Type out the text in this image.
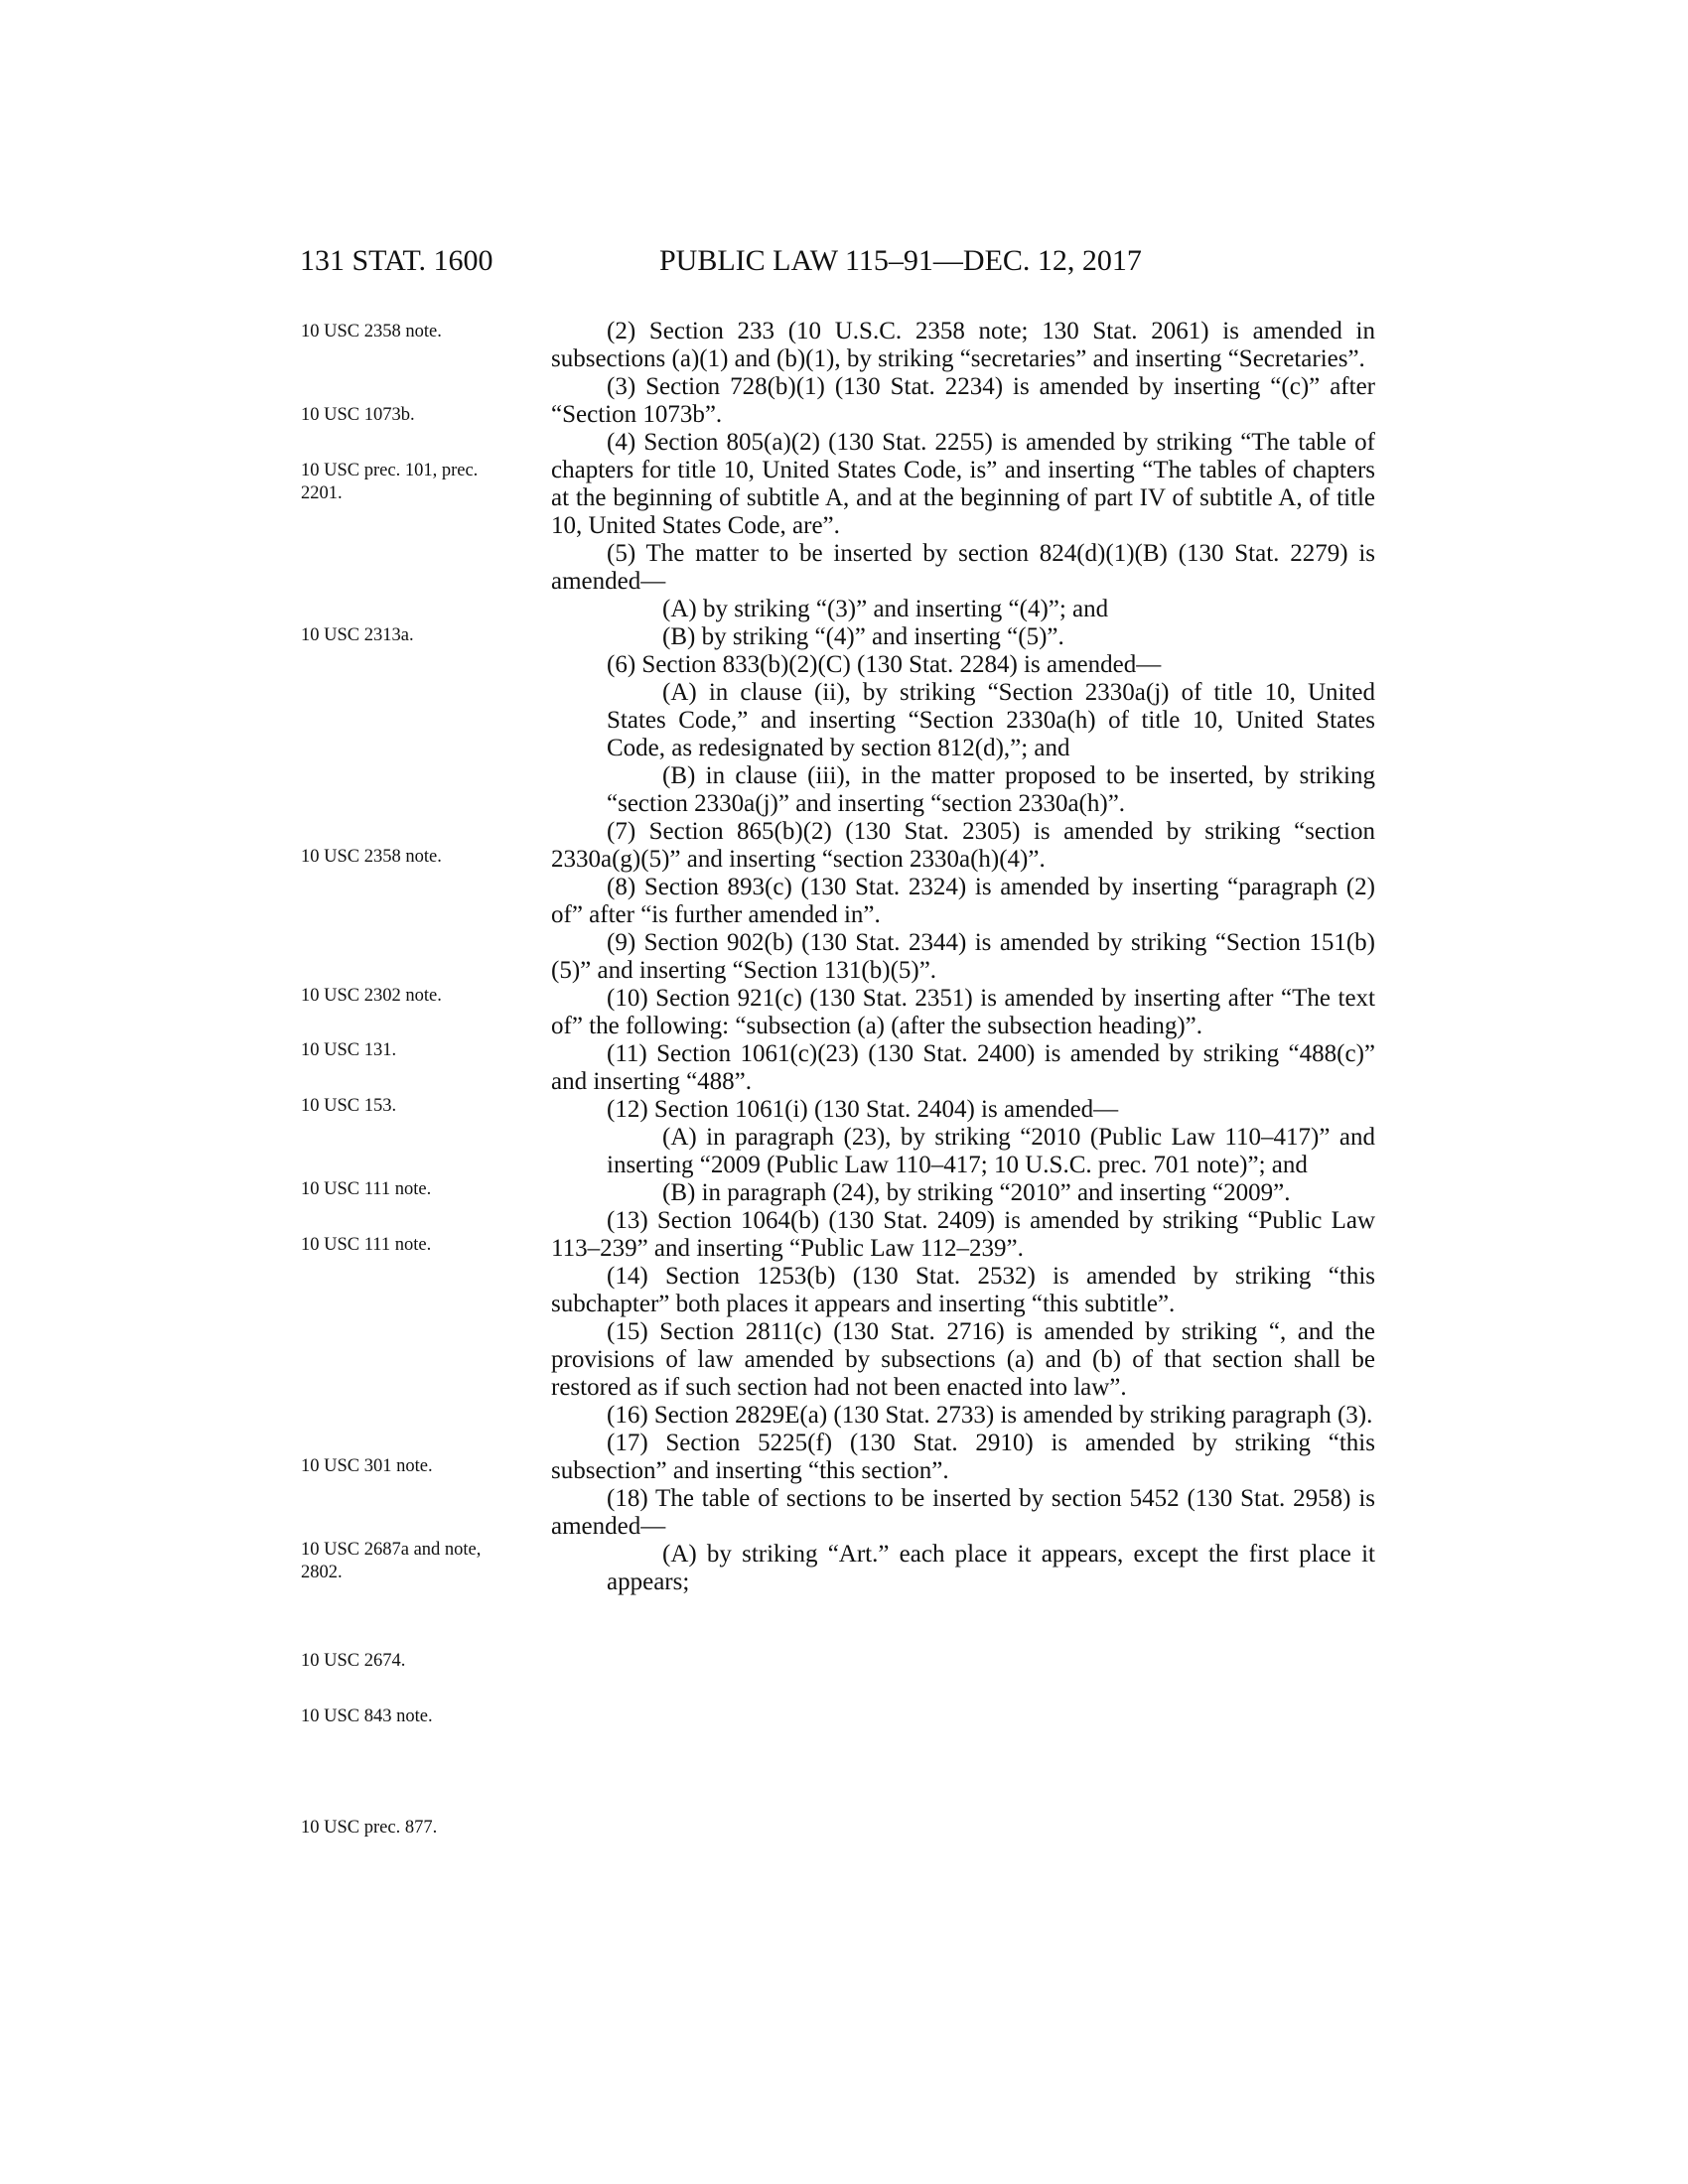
131 STAT. 1600	PUBLIC LAW 115–91—DEC. 12, 2017
10 USC 2358 note.
10 USC 1073b.
10 USC prec. 101, prec. 2201.
10 USC 2313a.
10 USC 2358 note.
10 USC 2302 note.
10 USC 131.
10 USC 153.
10 USC 111 note.
10 USC 111 note.
10 USC 301 note.
10 USC 2687a and note, 2802.
10 USC 2674.
10 USC 843 note.
10 USC prec. 877.

(2) Section 233 (10 U.S.C. 2358 note; 130 Stat. 2061) is amended in subsections (a)(1) and (b)(1), by striking “secretaries” and inserting “Secretaries”.

(3) Section 728(b)(1) (130 Stat. 2234) is amended by inserting “(c)” after “Section 1073b”.

(4) Section 805(a)(2) (130 Stat. 2255) is amended by striking “The table of chapters for title 10, United States Code, is” and inserting “The tables of chapters at the beginning of subtitle A, and at the beginning of part IV of subtitle A, of title 10, United States Code, are”.

(5) The matter to be inserted by section 824(d)(1)(B) (130 Stat. 2279) is amended—

(A) by striking “(3)” and inserting “(4)”; and

(B) by striking “(4)” and inserting “(5)”.

(6) Section 833(b)(2)(C) (130 Stat. 2284) is amended—

(A) in clause (ii), by striking “Section 2330a(j) of title 10, United States Code,” and inserting “Section 2330a(h) of title 10, United States Code, as redesignated by section 812(d),”; and

(B) in clause (iii), in the matter proposed to be inserted, by striking “section 2330a(j)” and inserting “section 2330a(h)”.

(7) Section 865(b)(2) (130 Stat. 2305) is amended by striking “section 2330a(g)(5)” and inserting “section 2330a(h)(4)”.

(8) Section 893(c) (130 Stat. 2324) is amended by inserting “paragraph (2) of” after “is further amended in”.

(9) Section 902(b) (130 Stat. 2344) is amended by striking “Section 151(b)(5)” and inserting “Section 131(b)(5)”.

(10) Section 921(c) (130 Stat. 2351) is amended by inserting after “The text of” the following: “subsection (a) (after the subsection heading)”.

(11) Section 1061(c)(23) (130 Stat. 2400) is amended by striking “488(c)” and inserting “488”.

(12) Section 1061(i) (130 Stat. 2404) is amended—

(A) in paragraph (23), by striking “2010 (Public Law 110–417)” and inserting “2009 (Public Law 110–417; 10 U.S.C. prec. 701 note)”; and

(B) in paragraph (24), by striking “2010” and inserting “2009”.

(13) Section 1064(b) (130 Stat. 2409) is amended by striking “Public Law 113–239” and inserting “Public Law 112–239”.

(14) Section 1253(b) (130 Stat. 2532) is amended by striking “this subchapter” both places it appears and inserting “this subtitle”.

(15) Section 2811(c) (130 Stat. 2716) is amended by striking “, and the provisions of law amended by subsections (a) and (b) of that section shall be restored as if such section had not been enacted into law”.

(16) Section 2829E(a) (130 Stat. 2733) is amended by striking paragraph (3).

(17) Section 5225(f) (130 Stat. 2910) is amended by striking “this subsection” and inserting “this section”.

(18) The table of sections to be inserted by section 5452 (130 Stat. 2958) is amended—

(A) by striking “Art.” each place it appears, except the first place it appears;
